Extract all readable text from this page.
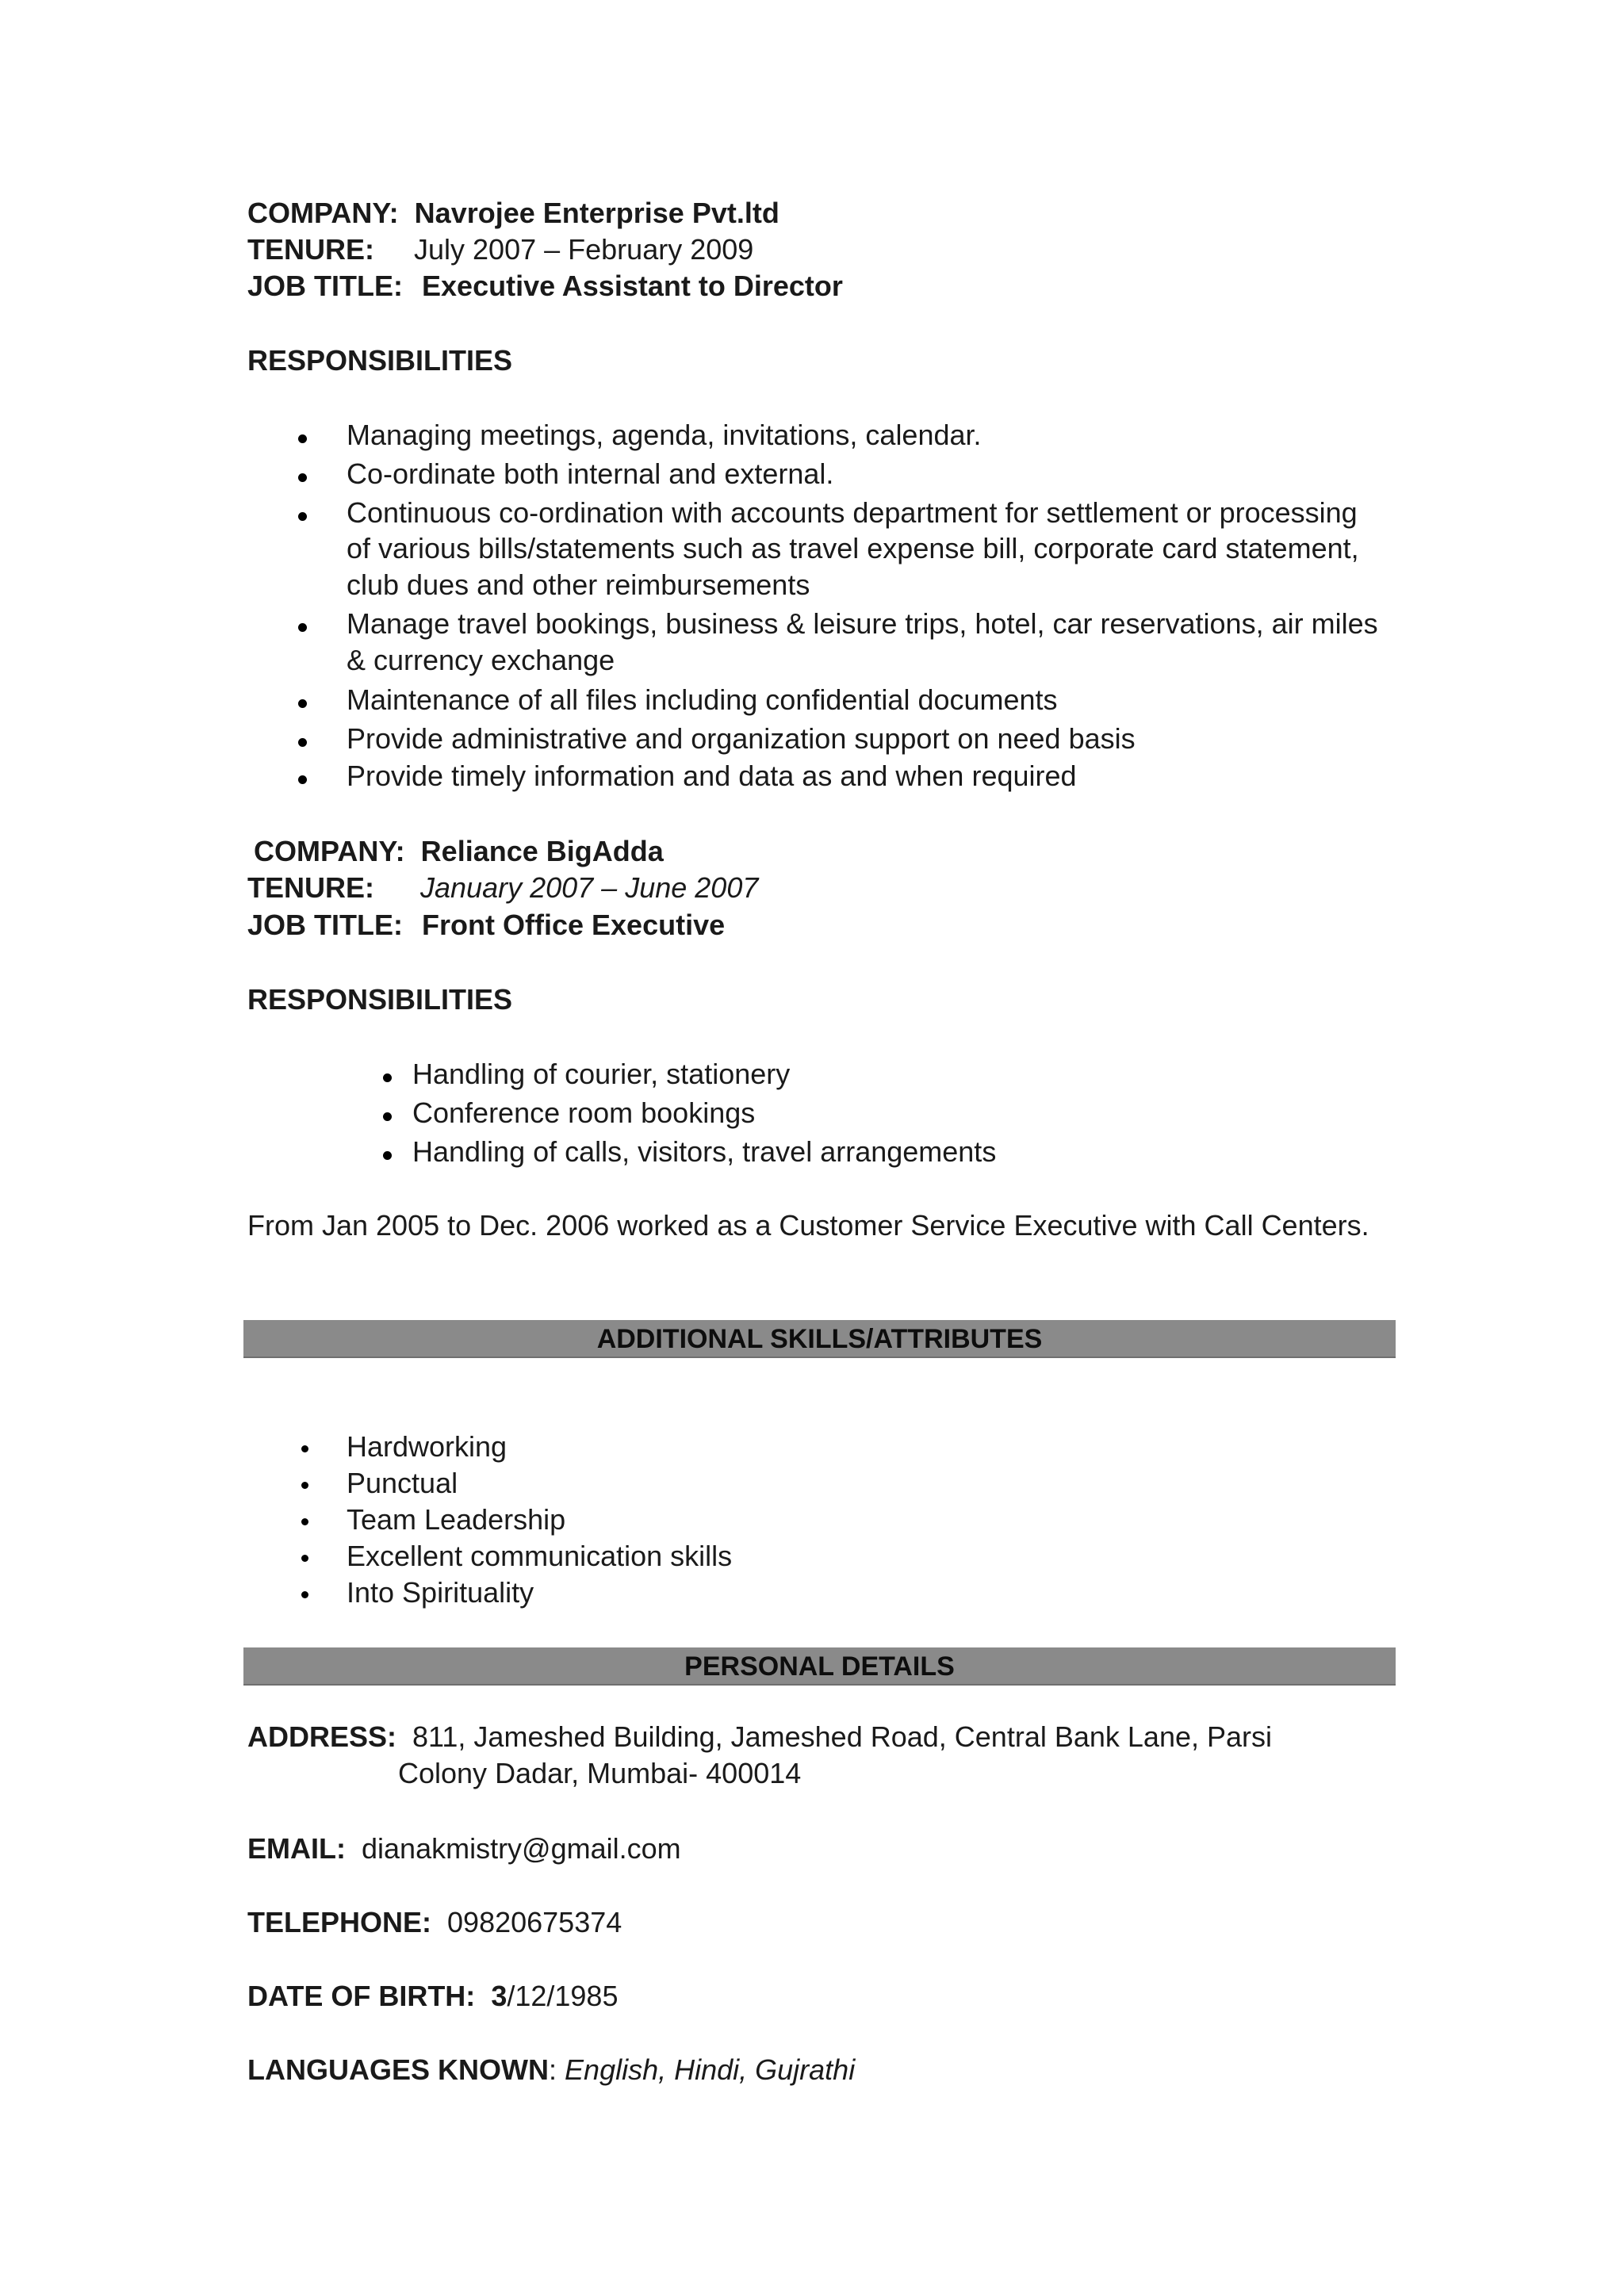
COMPANY: Navrojee Enterprise Pvt.ltd
TENURE: July 2007 – February 2009
JOB TITLE: Executive Assistant to Director
RESPONSIBILITIES
Managing meetings, agenda, invitations, calendar.
Co-ordinate both internal and external.
Continuous co-ordination with accounts department for settlement or processing
of various bills/statements such as travel expense bill, corporate card statement,
club dues and other reimbursements
Manage travel bookings, business & leisure trips, hotel, car reservations, air miles
& currency exchange
Maintenance of all files including confidential documents
Provide administrative and organization support on need basis
Provide timely information and data as and when required
COMPANY: Reliance BigAdda
TENURE: January 2007 – June 2007
JOB TITLE: Front Office Executive
RESPONSIBILITIES
Handling of courier, stationery
Conference room bookings
Handling of calls, visitors, travel arrangements
From Jan 2005 to Dec. 2006 worked as a Customer Service Executive with Call Centers.
ADDITIONAL SKILLS/ATTRIBUTES
Hardworking
Punctual
Team Leadership
Excellent communication skills
Into Spirituality
PERSONAL DETAILS
ADDRESS: 811, Jameshed Building, Jameshed Road, Central Bank Lane, Parsi
Colony Dadar, Mumbai- 400014
EMAIL: dianakmistry@gmail.com
TELEPHONE: 09820675374
DATE OF BIRTH: 3/12/1985
LANGUAGES KNOWN: English, Hindi, Gujrathi
